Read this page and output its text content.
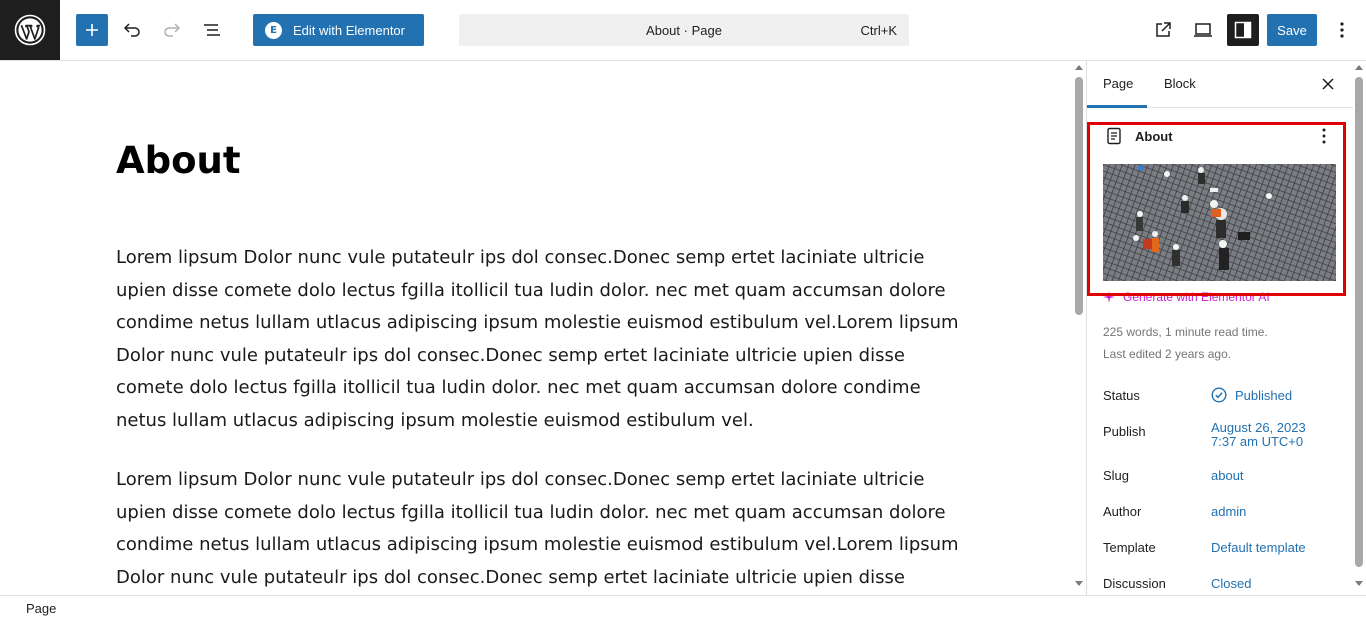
E	Edit with Elementor	About · Page	Ctrl+K	Save
About
Lorem lipsum Dolor nunc vule putateulr ips dol consec.Donec semp ertet laciniate ultricie upien disse comete dolo lectus fgilla itollicil tua ludin dolor. nec met quam accumsan dolore condime netus lullam utlacus adipiscing ipsum molestie euismod estibulum vel.Lorem lipsum Dolor nunc vule putateulr ips dol consec.Donec semp ertet laciniate ultricie upien disse comete dolo lectus fgilla itollicil tua ludin dolor. nec met quam accumsan dolore condime netus lullam utlacus adipiscing ipsum molestie euismod estibulum vel.
Lorem lipsum Dolor nunc vule putateulr ips dol consec.Donec semp ertet laciniate ultricie upien disse comete dolo lectus fgilla itollicil tua ludin dolor. nec met quam accumsan dolore condime netus lullam utlacus adipiscing ipsum molestie euismod estibulum vel.Lorem lipsum Dolor nunc vule putateulr ips dol consec.Donec semp ertet laciniate ultricie upien disse
Page Block
About
Generate with Elementor AI
225 words, 1 minute read time.
Last edited 2 years ago.
Status	Published
Publish	August 26, 2023
7:37 am UTC+0
Slug	about
Author	admin
Template	Default template
Discussion	Closed
Page
